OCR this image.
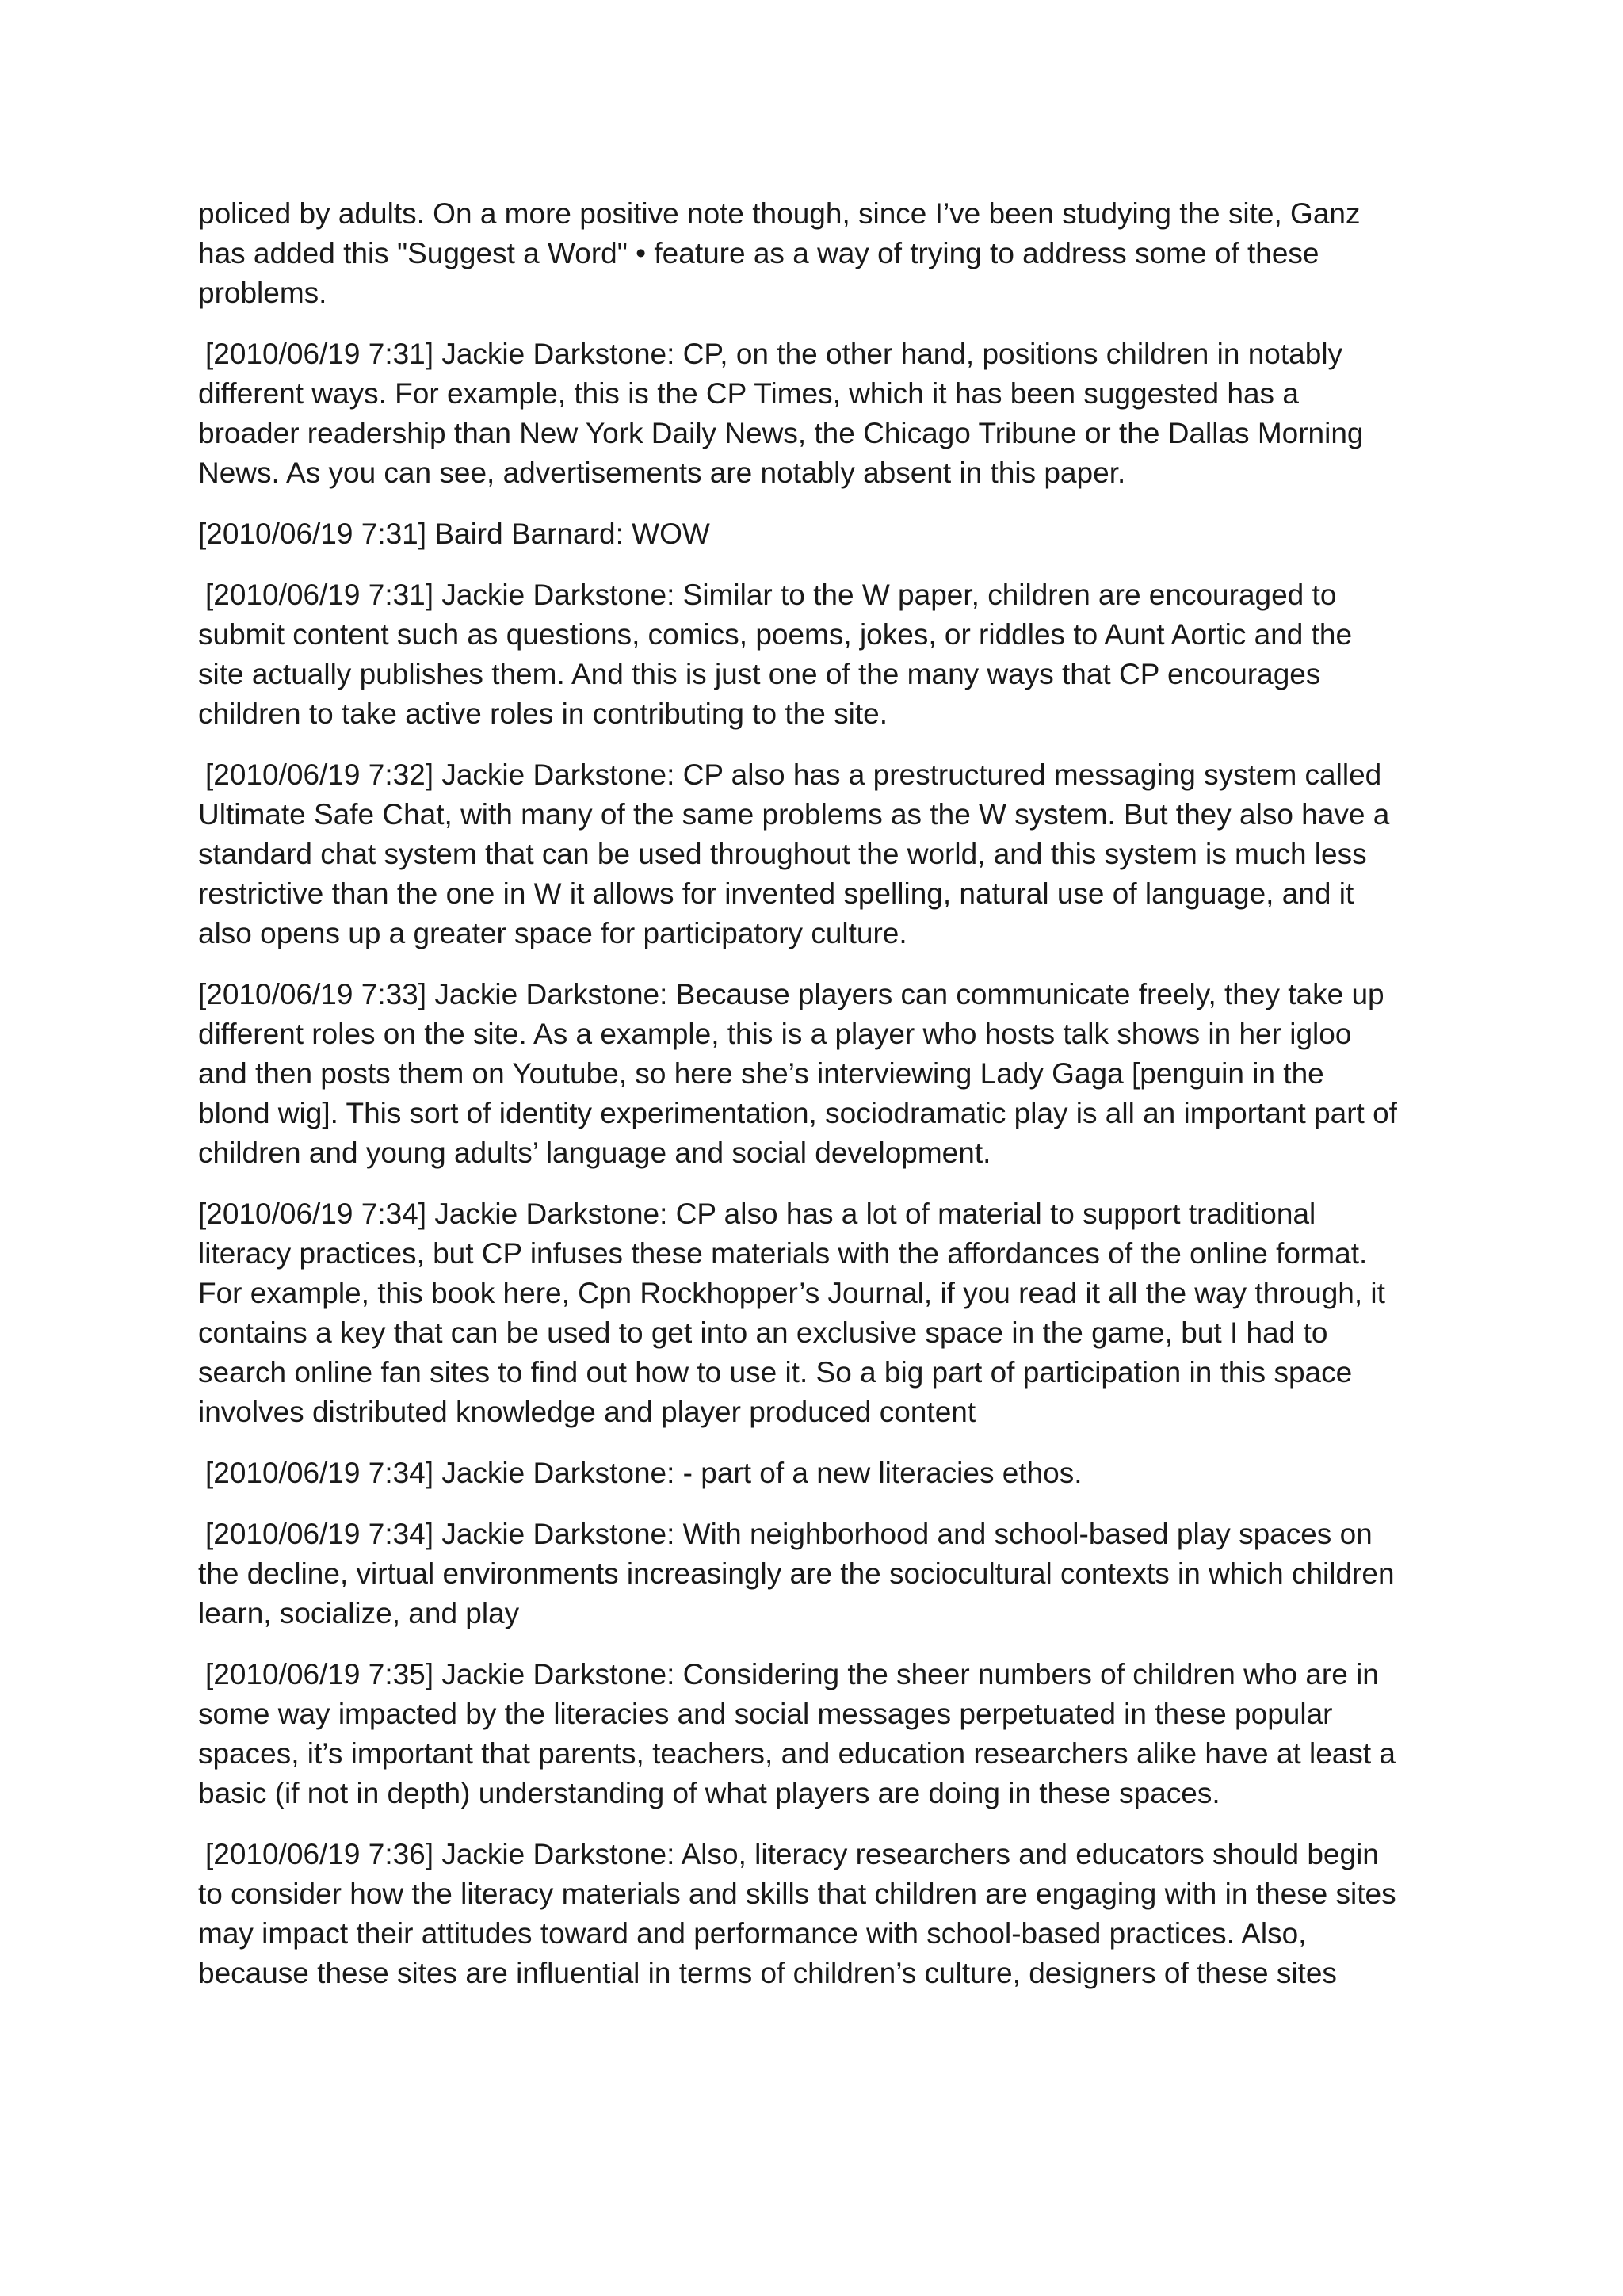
policed by adults. On a more positive note though, since I’ve been studying the site, Ganz
has added this "Suggest a Word" • feature as a way of trying to address some of these
problems.
[2010/06/19 7:31] Jackie Darkstone: CP, on the other hand, positions children in notably
different ways. For example, this is the CP Times, which it has been suggested has a
broader readership than New York Daily News, the Chicago Tribune or the Dallas Morning
News. As you can see, advertisements are notably absent in this paper.
[2010/06/19 7:31] Baird Barnard: WOW
[2010/06/19 7:31] Jackie Darkstone: Similar to the W paper, children are encouraged to
submit content such as questions, comics, poems, jokes, or riddles to Aunt Aortic and the
site actually publishes them. And this is just one of the many ways that CP encourages
children to take active roles in contributing to the site.
[2010/06/19 7:32] Jackie Darkstone: CP also has a prestructured messaging system called
Ultimate Safe Chat, with many of the same problems as the W system. But they also have a
standard chat system that can be used throughout the world, and this system is much less
restrictive than the one in W it allows for invented spelling, natural use of language, and it
also opens up a greater space for participatory culture.
[2010/06/19 7:33] Jackie Darkstone: Because players can communicate freely, they take up
different roles on the site. As a example, this is a player who hosts talk shows in her igloo
and then posts them on Youtube, so here she’s interviewing Lady Gaga [penguin in the
blond wig]. This sort of identity experimentation, sociodramatic play is all an important part of
children and young adults’ language and social development.
[2010/06/19 7:34] Jackie Darkstone: CP also has a lot of material to support traditional
literacy practices, but CP infuses these materials with the affordances of the online format.
For example, this book here, Cpn Rockhopper’s Journal, if you read it all the way through, it
contains a key that can be used to get into an exclusive space in the game, but I had to
search online fan sites to find out how to use it. So a big part of participation in this space
involves distributed knowledge and player produced content
[2010/06/19 7:34] Jackie Darkstone: - part of a new literacies ethos.
[2010/06/19 7:34] Jackie Darkstone: With neighborhood and school-based play spaces on
the decline, virtual environments increasingly are the sociocultural contexts in which children
learn, socialize, and play
[2010/06/19 7:35] Jackie Darkstone: Considering the sheer numbers of children who are in
some way impacted by the literacies and social messages perpetuated in these popular
spaces, it’s important that parents, teachers, and education researchers alike have at least a
basic (if not in depth) understanding of what players are doing in these spaces.
[2010/06/19 7:36] Jackie Darkstone: Also, literacy researchers and educators should begin
to consider how the literacy materials and skills that children are engaging with in these sites
may impact their attitudes toward and performance with school-based practices. Also,
because these sites are influential in terms of children’s culture, designers of these sites
